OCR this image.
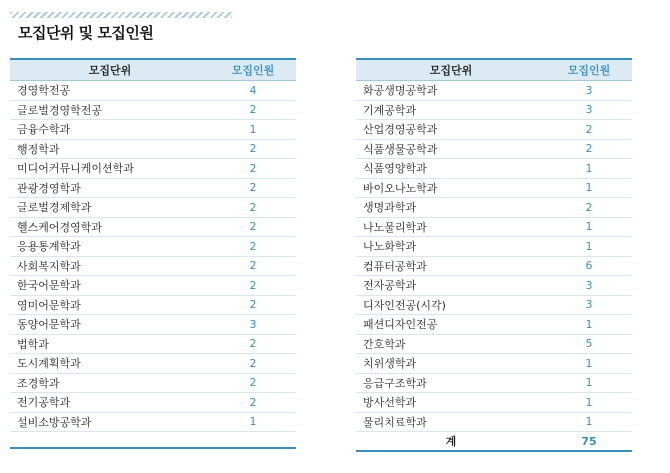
모집단위 및 모집인원
모집단위	모집인원
경영학전공	4
글로벌경영학전공	2
금융수학과	1
행정학과	2
미디어커뮤니케이션학과	2
관광경영학과	2
글로벌경제학과	2
헬스케어경영학과	2
응용통계학과	2
사회복지학과	2
한국어문학과	2
영미어문학과	2
동양어문학과	3
법학과	2
도시계획학과	2
조경학과	2
전기공학과	2
설비소방공학과	1
모집단위	모집인원
화공생명공학과	3
기계공학과	3
산업경영공학과	2
식품생물공학과	2
식품영양학과	1
바이오나노학과	1
생명과학과	2
나노물리학과	1
나노화학과	1
컴퓨터공학과	6
전자공학과	3
디자인전공(시각)	3
패션디자인전공	1
간호학과	5
치위생학과	1
응급구조학과	1
방사선학과	1
물리치료학과	1
계	75
